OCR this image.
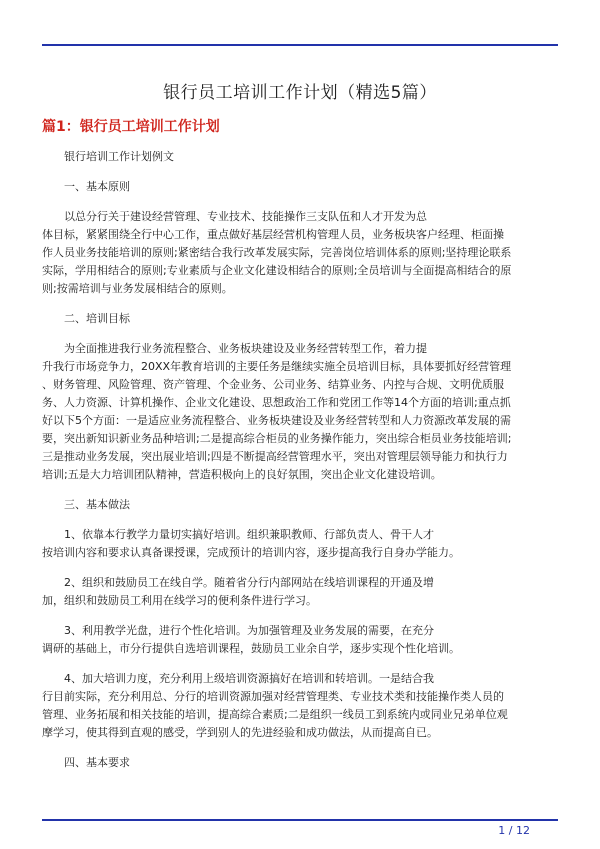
银行员工培训工作计划（精选5篇）
篇1：银行员工培训工作计划
银行培训工作计划例文
一、基本原则
以总分行关于建设经营管理、专业技术、技能操作三支队伍和人才开发为总
体目标，紧紧围绕全行中心工作，重点做好基层经营机构管理人员，业务板块客户经理、柜面操
作人员业务技能培训的原则;紧密结合我行改革发展实际，完善岗位培训体系的原则;坚持理论联系
实际，学用相结合的原则;专业素质与企业文化建设相结合的原则;全员培训与全面提高相结合的原
则;按需培训与业务发展相结合的原则。
二、培训目标
为全面推进我行业务流程整合、业务板块建设及业务经营转型工作，着力提
升我行市场竞争力，20XX年教育培训的主要任务是继续实施全员培训目标，具体要抓好经营管理
、财务管理、风险管理、资产管理、个金业务、公司业务、结算业务、内控与合规、文明优质服
务、人力资源、计算机操作、企业文化建设、思想政治工作和党团工作等14个方面的培训;重点抓
好以下5个方面：一是适应业务流程整合、业务板块建设及业务经营转型和人力资源改革发展的需
要，突出新知识新业务品种培训;二是提高综合柜员的业务操作能力，突出综合柜员业务技能培训;
三是推动业务发展，突出展业培训;四是不断提高经营管理水平，突出对管理层领导能力和执行力
培训;五是大力培训团队精神，营造积极向上的良好氛围，突出企业文化建设培训。
三、基本做法
1、依靠本行教学力量切实搞好培训。组织兼职教师、行部负责人、骨干人才
按培训内容和要求认真备课授课，完成预计的培训内容，逐步提高我行自身办学能力。
2、组织和鼓励员工在线自学。随着省分行内部网站在线培训课程的开通及增
加，组织和鼓励员工利用在线学习的便利条件进行学习。
3、利用教学光盘，进行个性化培训。为加强管理及业务发展的需要，在充分
调研的基础上，市分行提供自选培训课程，鼓励员工业余自学，逐步实现个性化培训。
4、加大培训力度，充分利用上级培训资源搞好在培训和转培训。一是结合我
行目前实际，充分利用总、分行的培训资源加强对经营管理类、专业技术类和技能操作类人员的
管理、业务拓展和相关技能的培训，提高综合素质;二是组织一线员工到系统内或同业兄弟单位观
摩学习，使其得到直观的感受，学到别人的先进经验和成功做法，从而提高自已。
四、基本要求
1 / 12
